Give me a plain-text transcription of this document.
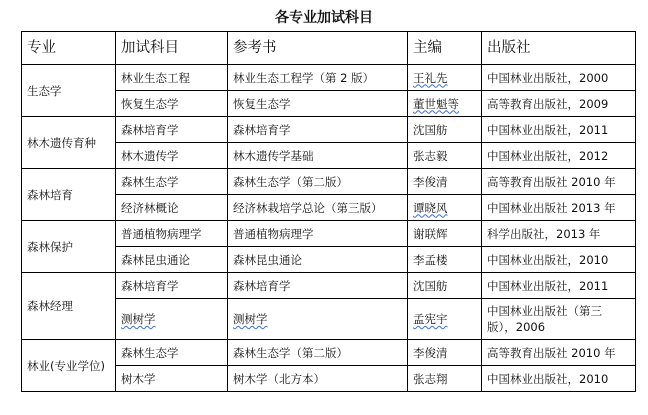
各专业加试科目
专业	加试科目	参考书	主编	出版社
生态学	林业生态工程	林业生态工程学（第 2 版）	王礼先	中国林业出版社，2000
	恢复生态学	恢复生态学	董世魁等	高等教育出版社，2009
林木遗传育种	森林培育学	森林培育学	沈国舫	中国林业出版社，2011
	林木遗传学	林木遗传学基础	张志毅	中国林业出版社，2012
森林培育	森林生态学	森林生态学（第二版）	李俊清	高等教育出版社 2010 年
	经济林概论	经济林栽培学总论（第三版）	谭晓风	中国林业出版社 2013 年
森林保护	普通植物病理学	普通植物病理学	谢联辉	科学出版社，2013 年
	森林昆虫通论	森林昆虫通论	李孟楼	中国林业出版社，2010
森林经理	森林培育学	森林培育学	沈国舫	中国林业出版社，2011
	测树学	测树学	孟宪宇	中国林业出版社（第三版），2006
林业(专业学位)	森林生态学	森林生态学（第二版）	李俊清	高等教育出版社 2010 年
	树木学	树木学（北方本）	张志翔	中国林业出版社，2010
